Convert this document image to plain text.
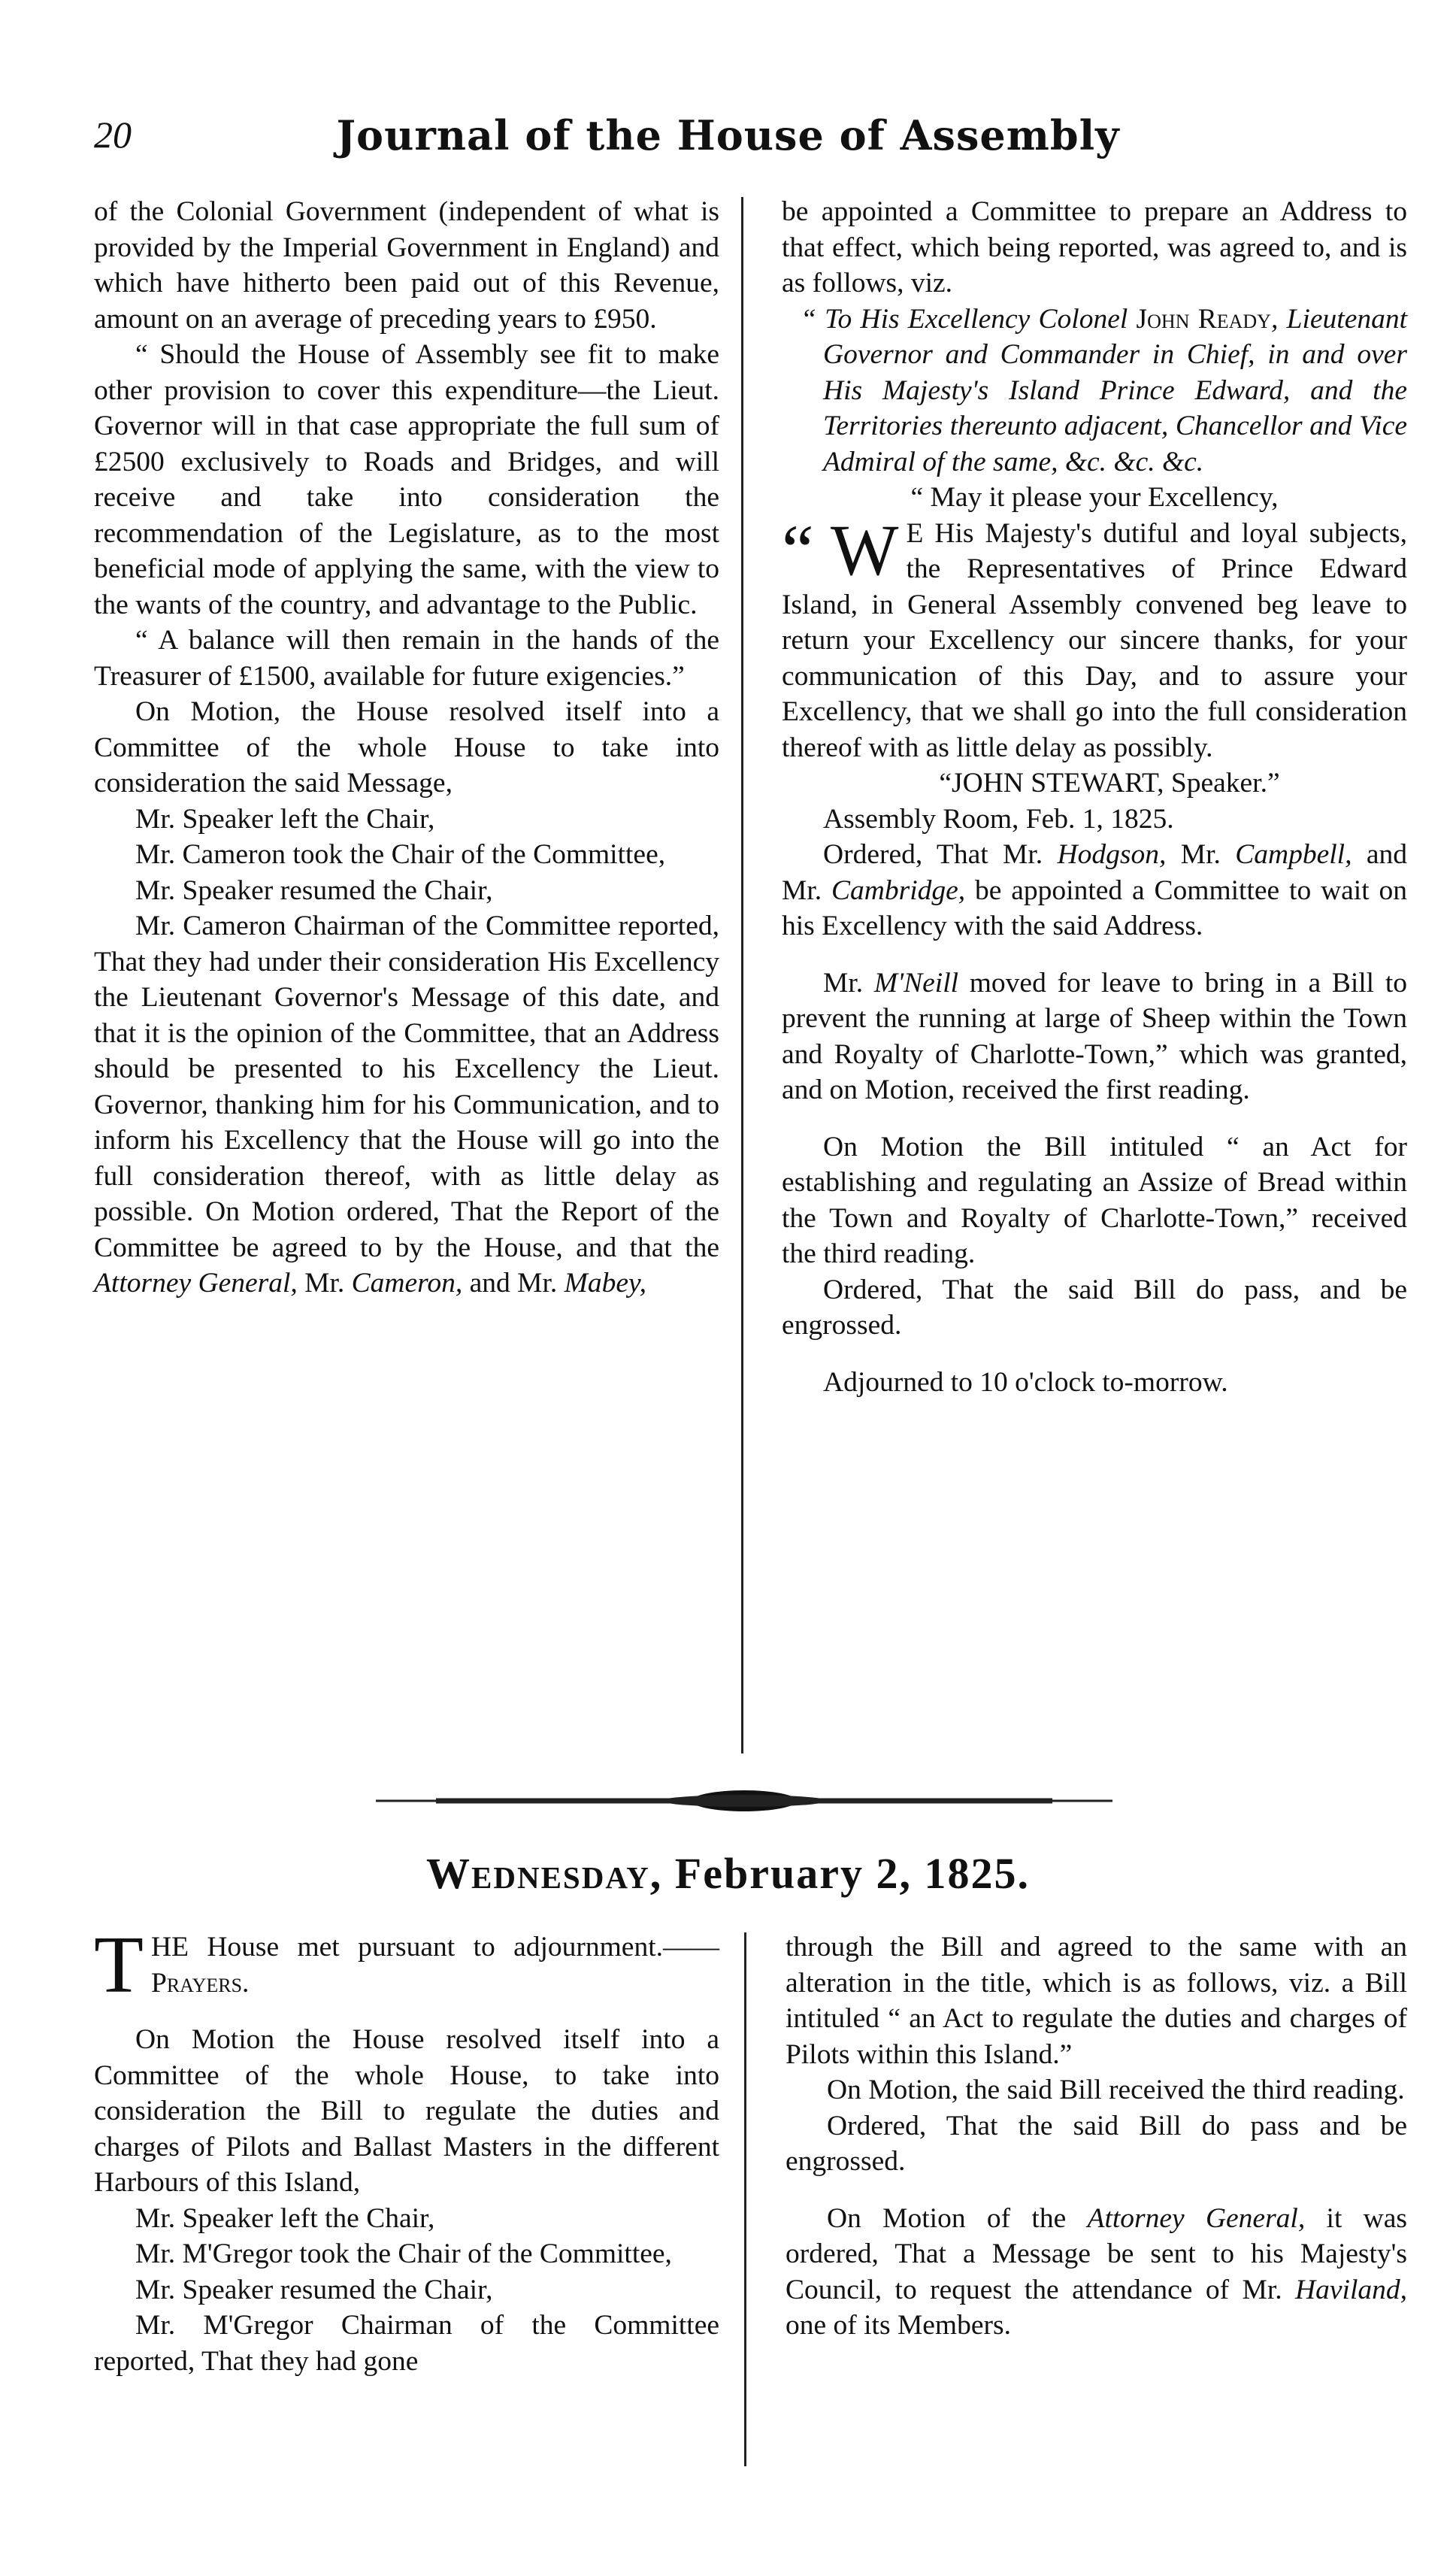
20	Journal of the House of Assembly

of the Colonial Government (independent of what is provided by the Imperial Government in England) and which have hitherto been paid out of this Revenue, amount on an average of preceding years to £950.

“ Should the House of Assembly see fit to make other provision to cover this expenditure—the Lieut. Governor will in that case appropriate the full sum of £2500 exclusively to Roads and Bridges, and will receive and take into consideration the recommendation of the Legislature, as to the most beneficial mode of applying the same, with the view to the wants of the country, and advantage to the Public.

“ A balance will then remain in the hands of the Treasurer of £1500, available for future exigencies.”

On Motion, the House resolved itself into a Committee of the whole House to take into consideration the said Message,

Mr. Speaker left the Chair,

Mr. Cameron took the Chair of the Committee,

Mr. Speaker resumed the Chair,

Mr. Cameron Chairman of the Committee reported, That they had under their consideration His Excellency the Lieutenant Governor's Message of this date, and that it is the opinion of the Committee, that an Address should be presented to his Excellency the Lieut. Governor, thanking him for his Communication, and to inform his Excellency that the House will go into the full consideration thereof, with as little delay as possible. On Motion ordered, That the Report of the Committee be agreed to by the House, and that the Attorney General, Mr. Cameron, and Mr. Mabey,

be appointed a Committee to prepare an Address to that effect, which being reported, was agreed to, and is as follows, viz.

“ To His Excellency Colonel John Ready, Lieutenant Governor and Commander in Chief, in and over His Majesty's Island Prince Edward, and the Territories thereunto adjacent, Chancellor and Vice Admiral of the same, &c. &c. &c.

“ May it please your Excellency,

“ W E His Majesty's dutiful and loyal subjects, the Representatives of Prince Edward Island, in General Assembly convened beg leave to return your Excellency our sincere thanks, for your communication of this Day, and to assure your Excellency, that we shall go into the full consideration thereof with as little delay as possibly.

“JOHN STEWART, Speaker.”

Assembly Room, Feb. 1, 1825.

Ordered, That Mr. Hodgson, Mr. Campbell, and Mr. Cambridge, be appointed a Committee to wait on his Excellency with the said Address.

Mr. M'Neill moved for leave to bring in a Bill to prevent the running at large of Sheep within the Town and Royalty of Charlotte-Town,” which was granted, and on Motion, received the first reading.

On Motion the Bill intituled “ an Act for establishing and regulating an Assize of Bread within the Town and Royalty of Charlotte-Town,” received the third reading.

Ordered, That the said Bill do pass, and be engrossed.

Adjourned to 10 o'clock to-morrow.

Wednesday, February 2, 1825.

THE House met pursuant to adjournment.——Prayers.

On Motion the House resolved itself into a Committee of the whole House, to take into consideration the Bill to regulate the duties and charges of Pilots and Ballast Masters in the different Harbours of this Island,

Mr. Speaker left the Chair,

Mr. M'Gregor took the Chair of the Committee,

Mr. Speaker resumed the Chair,

Mr. M'Gregor Chairman of the Committee reported, That they had gone

through the Bill and agreed to the same with an alteration in the title, which is as follows, viz. a Bill intituled “ an Act to regulate the duties and charges of Pilots within this Island.”

On Motion, the said Bill received the third reading.

Ordered, That the said Bill do pass and be engrossed.

On Motion of the Attorney General, it was ordered, That a Message be sent to his Majesty's Council, to request the attendance of Mr. Haviland, one of its Members.
